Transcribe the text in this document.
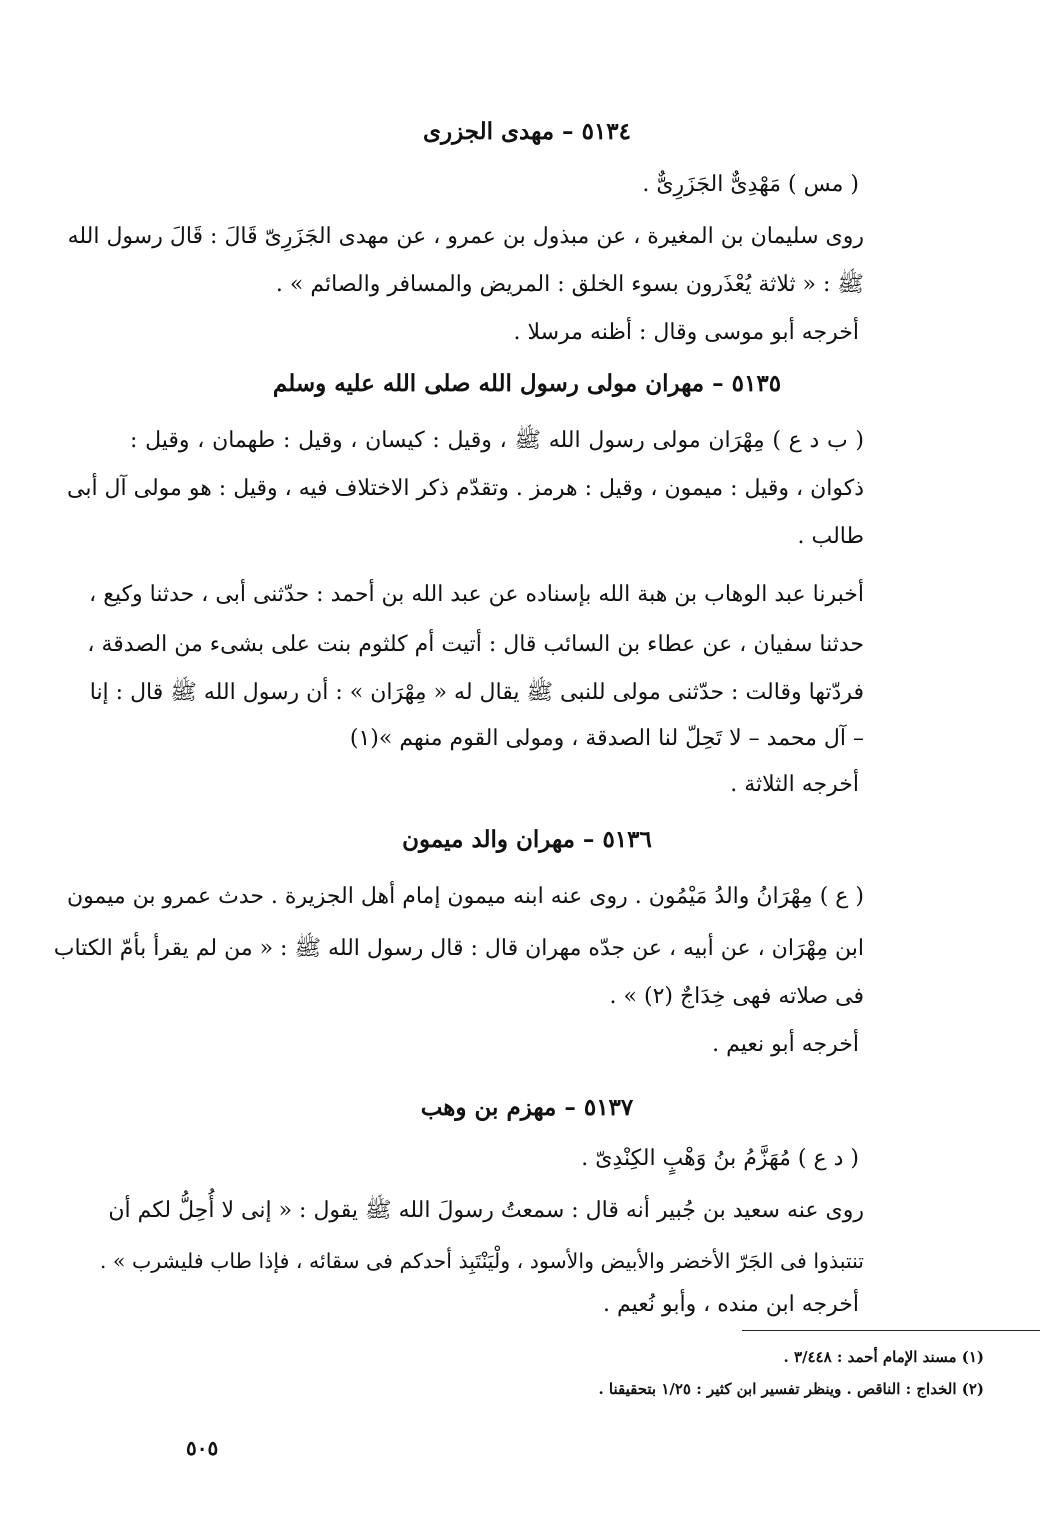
٥١٣٤ – مهدى الجزرى
( مس ) مَهْدِىٌّ الجَزَرِىٌّ .
روى سليمان بن المغيرة ، عن مبذول بن عمرو ، عن مهدى الجَزَرِىّ قَالَ : قَالَ رسول الله
ﷺ : « ثلاثة يُعْذَرون بسوء الخلق : المريض والمسافر والصائم » .
أخرجه أبو موسى وقال : أظنه مرسلا .
٥١٣٥ – مهران مولى رسول الله صلى الله عليه وسلم
( ب د ع ) مِهْرَان مولى رسول الله ﷺ ، وقيل : كيسان ، وقيل : طهمان ، وقيل :
ذكوان ، وقيل : ميمون ، وقيل : هرمز . وتقدّم ذكر الاختلاف فيه ، وقيل : هو مولى آل أبى
طالب .
أخبرنا عبد الوهاب بن هبة الله بإسناده عن عبد الله بن أحمد : حدّثنى أبى ، حدثنا وكيع ،
حدثنا سفيان ، عن عطاء بن السائب قال : أتيت أم كلثوم بنت على بشىء من الصدقة ،
فردّتها وقالت : حدّثنى مولى للنبى ﷺ يقال له « مِهْرَان » : أن رسول الله ﷺ قال : إنا
– آل محمد – لا تَحِلّ لنا الصدقة ، ومولى القوم منهم »(١)
أخرجه الثلاثة .
٥١٣٦ – مهران والد ميمون
( ع ) مِهْرَانُ والدُ مَيْمُون . روى عنه ابنه ميمون إمام أهل الجزيرة . حدث عمرو بن ميمون
ابن مِهْرَان ، عن أبيه ، عن جدّه مهران قال : قال رسول الله ﷺ : « من لم يقرأ بأمّ الكتاب
فى صلاته فهى خِدَاجٌ (٢) » .
أخرجه أبو نعيم .
٥١٣٧ – مهزم بن وهب
( د ع ) مُهَزَّمُ بنُ وَهْبٍ الكِنْدِىّ .
روى عنه سعيد بن جُبير أنه قال : سمعتُ رسولَ الله ﷺ يقول : « إنى لا أُحِلُّ لكم أن
تنتبذوا فى الجَرّ الأخضر والأبيض والأسود ، ولْيَنْتَبِذ أحدكم فى سقائه ، فإذا طاب فليشرب » .
أخرجه ابن منده ، وأبو نُعيم .
(١) مسند الإمام أحمد : ٣/٤٤٨ .
(٢) الخداج : الناقص . وينظر تفسير ابن كثير : ١/٢٥ بتحقيقنا .
٥٠٥
